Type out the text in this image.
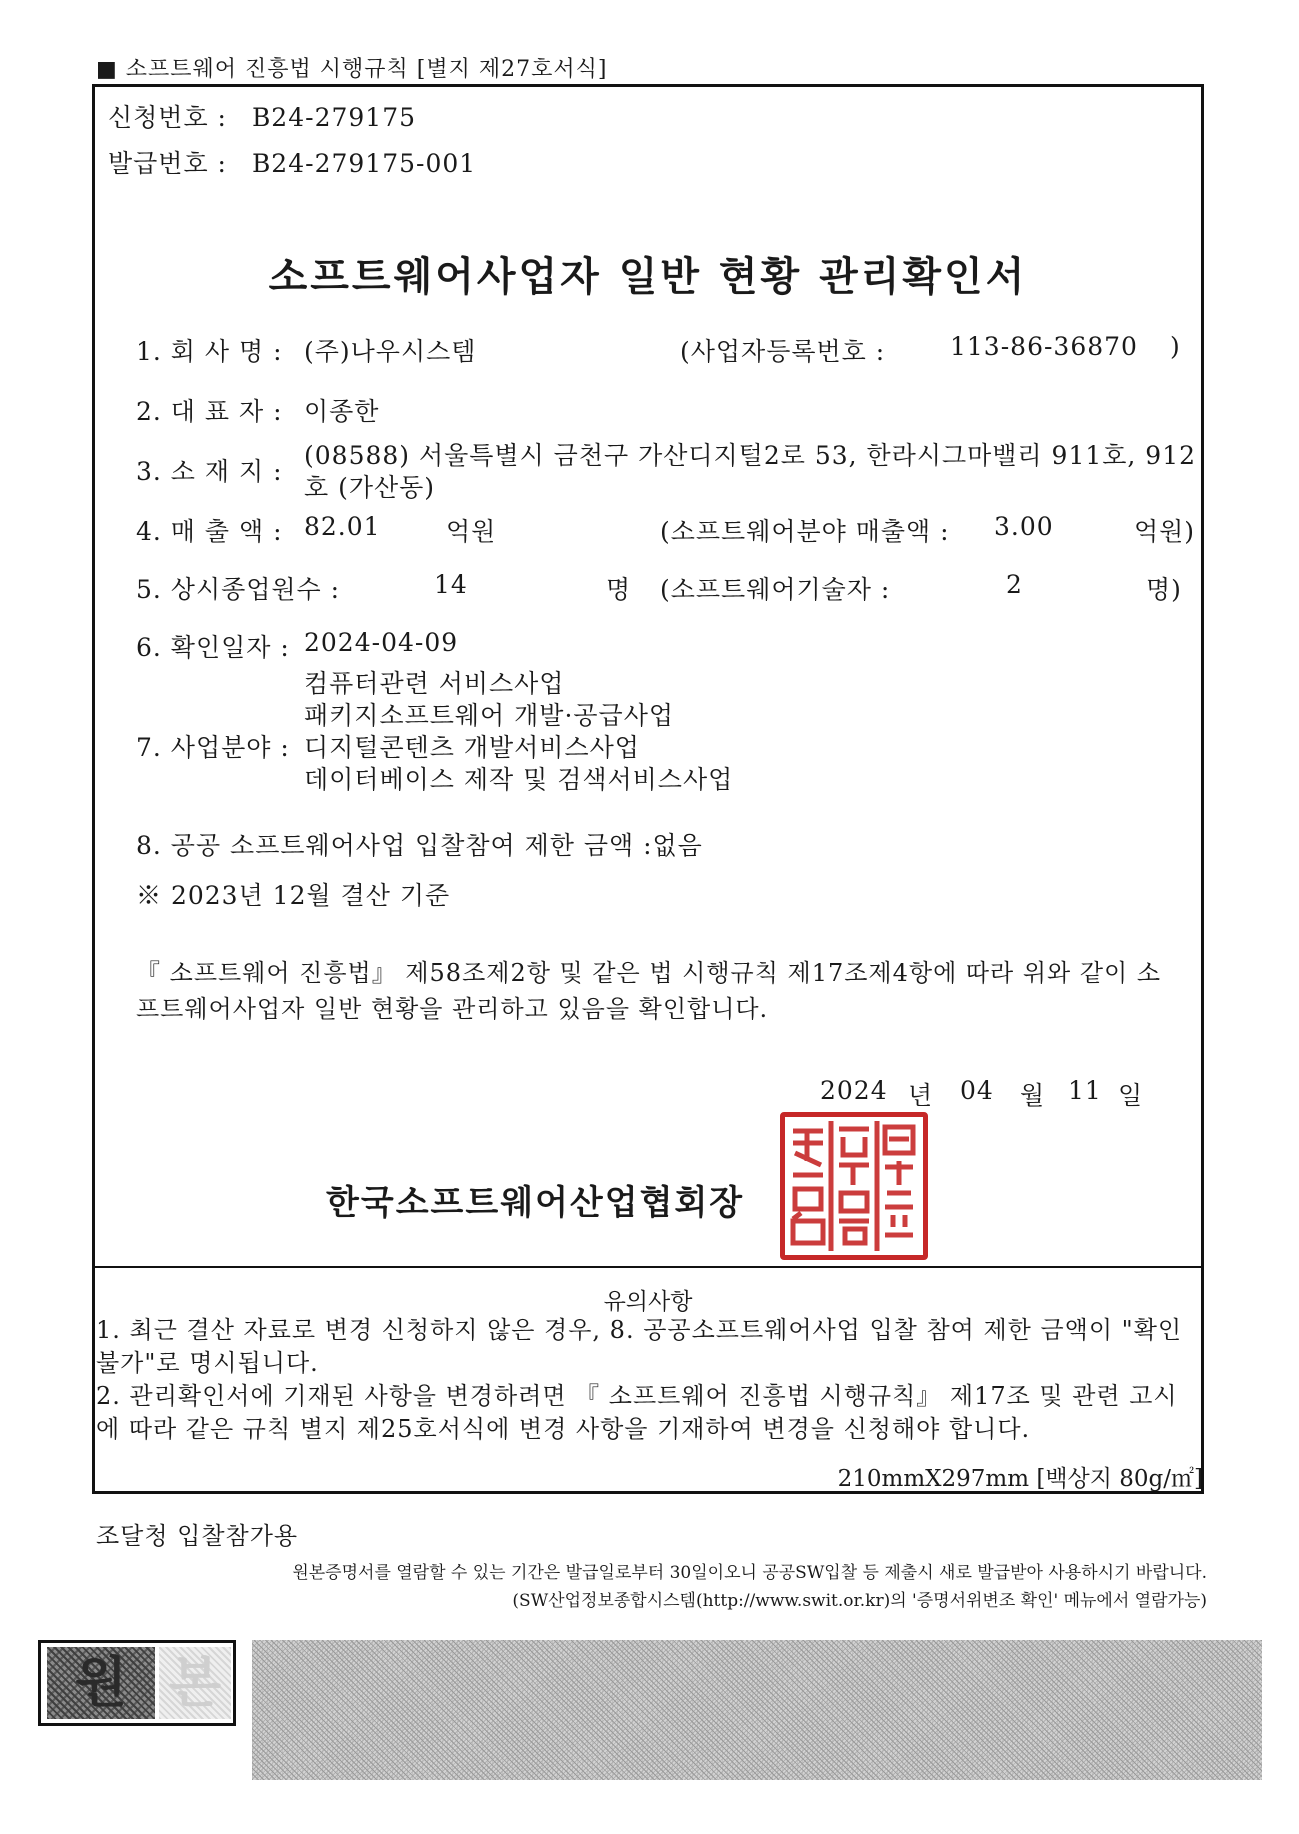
■ 소프트웨어 진흥법 시행규칙 [별지 제27호서식]
신청번호 : B24-279175
발급번호 : B24-279175-001
소프트웨어사업자 일반 현황 관리확인서
1. 회 사 명 : (주)나우시스템	(사업자등록번호 :	113-86-36870 )
2. 대 표 자 : 이종한
3. 소 재 지 :
(08588) 서울특별시 금천구 가산디지털2로 53, 한라시그마밸리 911호, 912
호 (가산동)
4. 매 출 액 : 82.01	억원	(소프트웨어분야 매출액 : 3.00	억원)
5. 상시종업원수 :	14	명 (소프트웨어기술자 :	2	명)
6. 확인일자 : 2024-04-09
컴퓨터관련 서비스사업
패키지소프트웨어 개발·공급사업
7. 사업분야 : 디지털콘텐츠 개발서비스사업
데이터베이스 제작 및 검색서비스사업
8. 공공 소프트웨어사업 입찰참여 제한 금액 :없음
※ 2023년 12월 결산 기준
『 소프트웨어 진흥법』 제58조제2항 및 같은 법 시행규칙 제17조제4항에 따라 위와 같이 소프트웨어사업자 일반 현황을 관리하고 있음을 확인합니다.
2024 년 04 월 11 일
한국소프트웨어산업협회장
유의사항
1. 최근 결산 자료로 변경 신청하지 않은 경우, 8. 공공소프트웨어사업 입찰 참여 제한 금액이 "확인불가"로 명시됩니다.
2. 관리확인서에 기재된 사항을 변경하려면 『 소프트웨어 진흥법 시행규칙』 제17조 및 관련 고시에 따라 같은 규칙 별지 제25호서식에 변경 사항을 기재하여 변경을 신청해야 합니다.
210mmX297mm [백상지 80g/㎡]
조달청 입찰참가용
원본증명서를 열람할 수 있는 기간은 발급일로부터 30일이오니 공공SW입찰 등 제출시 새로 발급받아 사용하시기 바랍니다.
(SW산업정보종합시스템(http://www.swit.or.kr)의 '증명서위변조 확인' 메뉴에서 열람가능)
원 본
